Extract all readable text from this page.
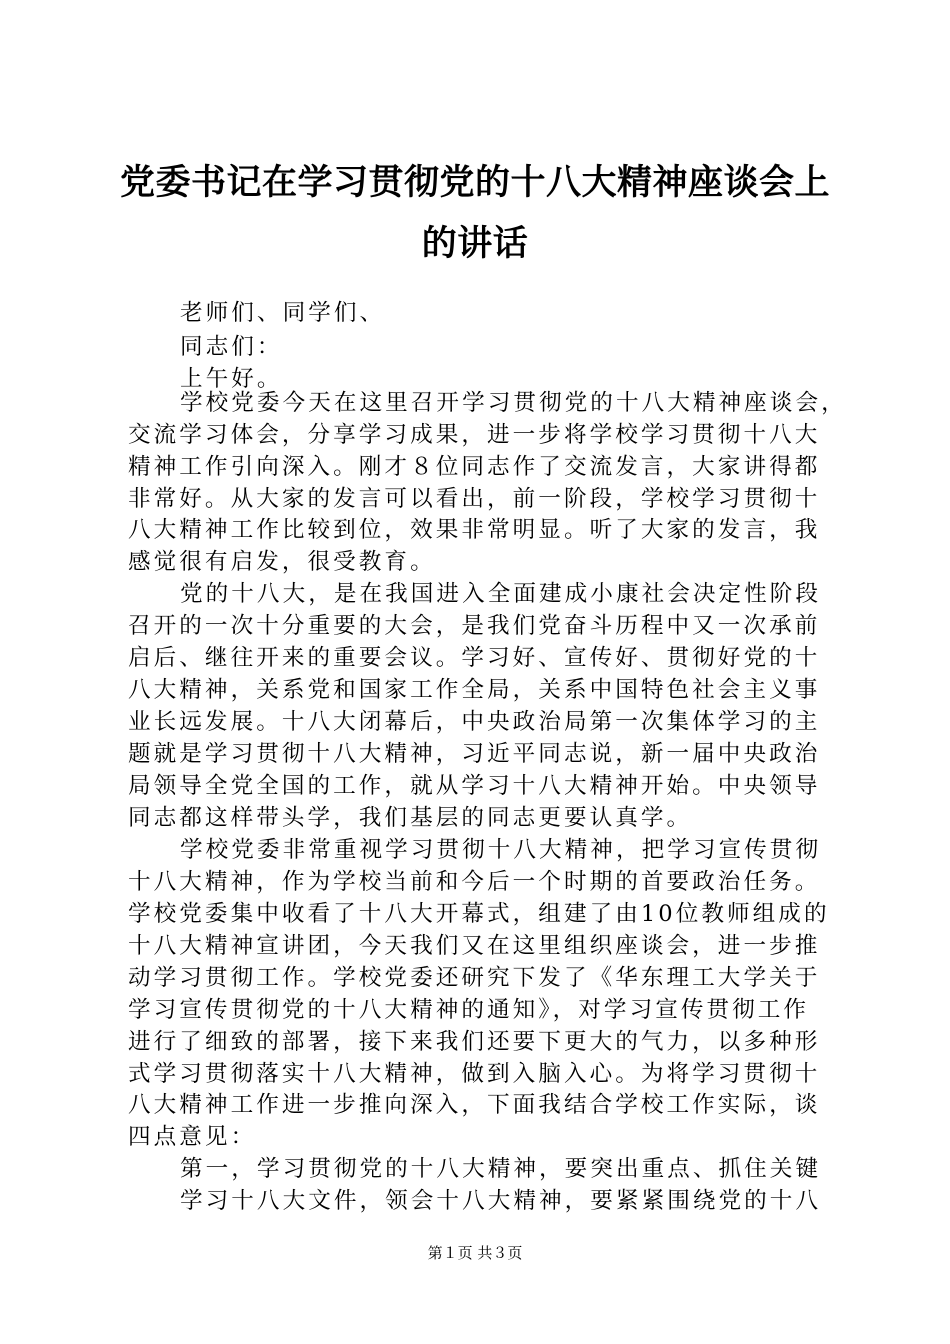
党委书记在学习贯彻党的十八大精神座谈会上
的讲话
老师们、同学们、
同志们：
上午好。
学校党委今天在这里召开学习贯彻党的十八大精神座谈会，
交流学习体会，分享学习成果，进一步将学校学习贯彻十八大
精神工作引向深入。刚才８位同志作了交流发言，大家讲得都
非常好。从大家的发言可以看出，前一阶段，学校学习贯彻十
八大精神工作比较到位，效果非常明显。听了大家的发言，我
感觉很有启发，很受教育。
党的十八大，是在我国进入全面建成小康社会决定性阶段
召开的一次十分重要的大会，是我们党奋斗历程中又一次承前
启后、继往开来的重要会议。学习好、宣传好、贯彻好党的十
八大精神，关系党和国家工作全局，关系中国特色社会主义事
业长远发展。十八大闭幕后，中央政治局第一次集体学习的主
题就是学习贯彻十八大精神，习近平同志说，新一届中央政治
局领导全党全国的工作，就从学习十八大精神开始。中央领导
同志都这样带头学，我们基层的同志更要认真学。
学校党委非常重视学习贯彻十八大精神，把学习宣传贯彻
十八大精神，作为学校当前和今后一个时期的首要政治任务。
学校党委集中收看了十八大开幕式，组建了由10位教师组成的
十八大精神宣讲团，今天我们又在这里组织座谈会，进一步推
动学习贯彻工作。学校党委还研究下发了《华东理工大学关于
学习宣传贯彻党的十八大精神的通知》，对学习宣传贯彻工作
进行了细致的部署，接下来我们还要下更大的气力，以多种形
式学习贯彻落实十八大精神，做到入脑入心。为将学习贯彻十
八大精神工作进一步推向深入，下面我结合学校工作实际，谈
四点意见：
第一，学习贯彻党的十八大精神，要突出重点、抓住关键
学习十八大文件，领会十八大精神，要紧紧围绕党的十八
第１页 共３页
